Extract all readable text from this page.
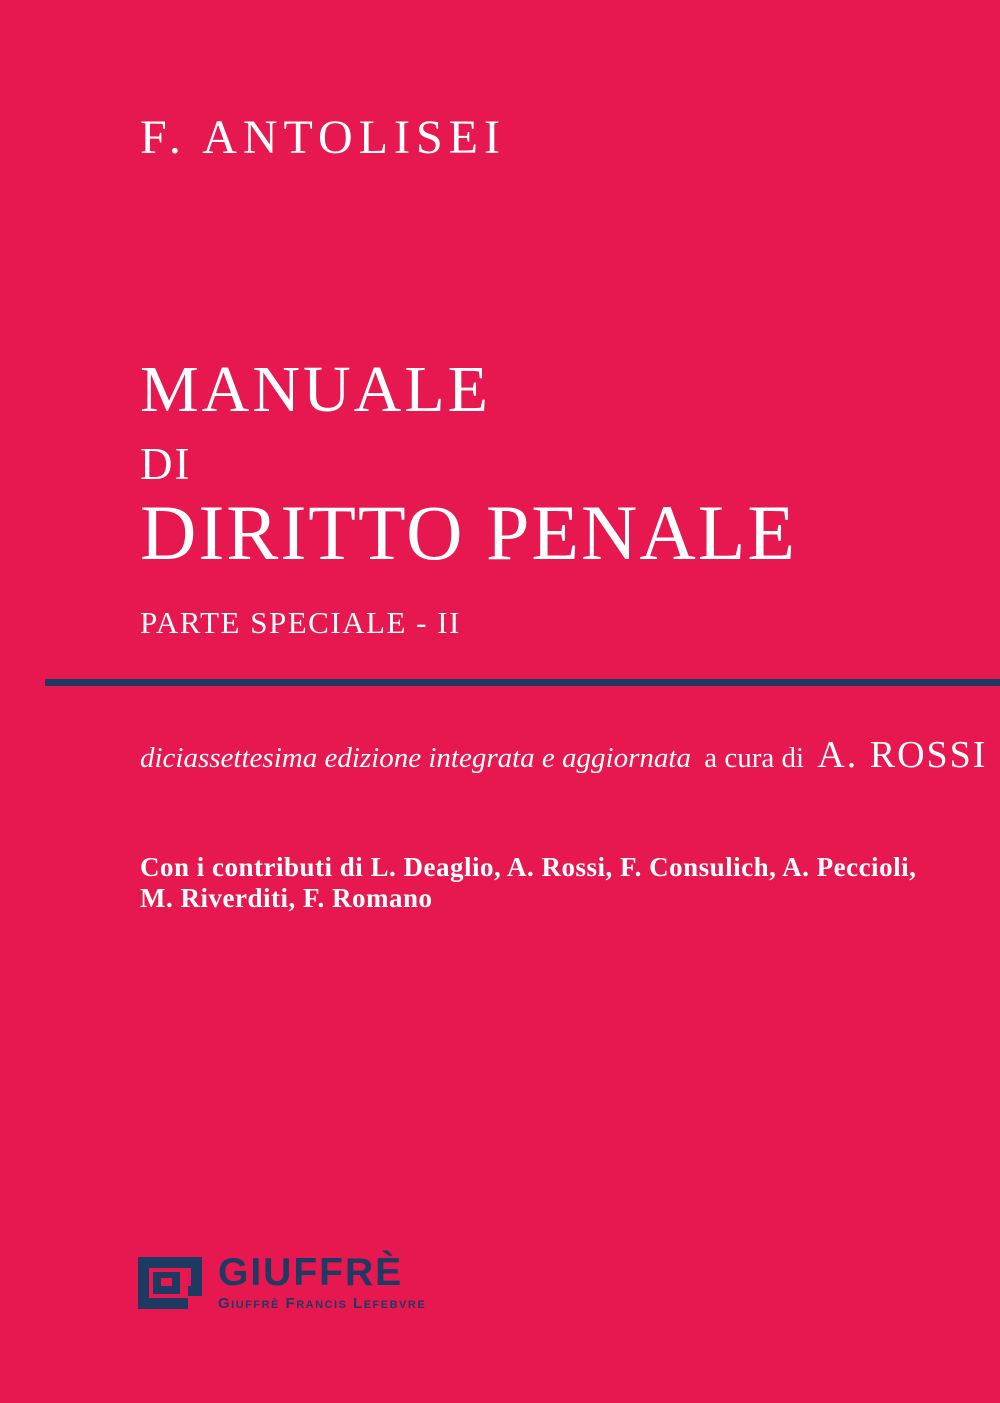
F. ANTOLISEI
MANUALE
DI
DIRITTO PENALE
PARTE SPECIALE - II

diciassettesima edizione integrata e aggiornata a cura di A. ROSSI

Con i contributi di L. Deaglio, A. Rossi, F. Consulich, A. Peccioli,
M. Riverditi, F. Romano

GIUFFRÈ
Giuffrè Francis Lefebvre
